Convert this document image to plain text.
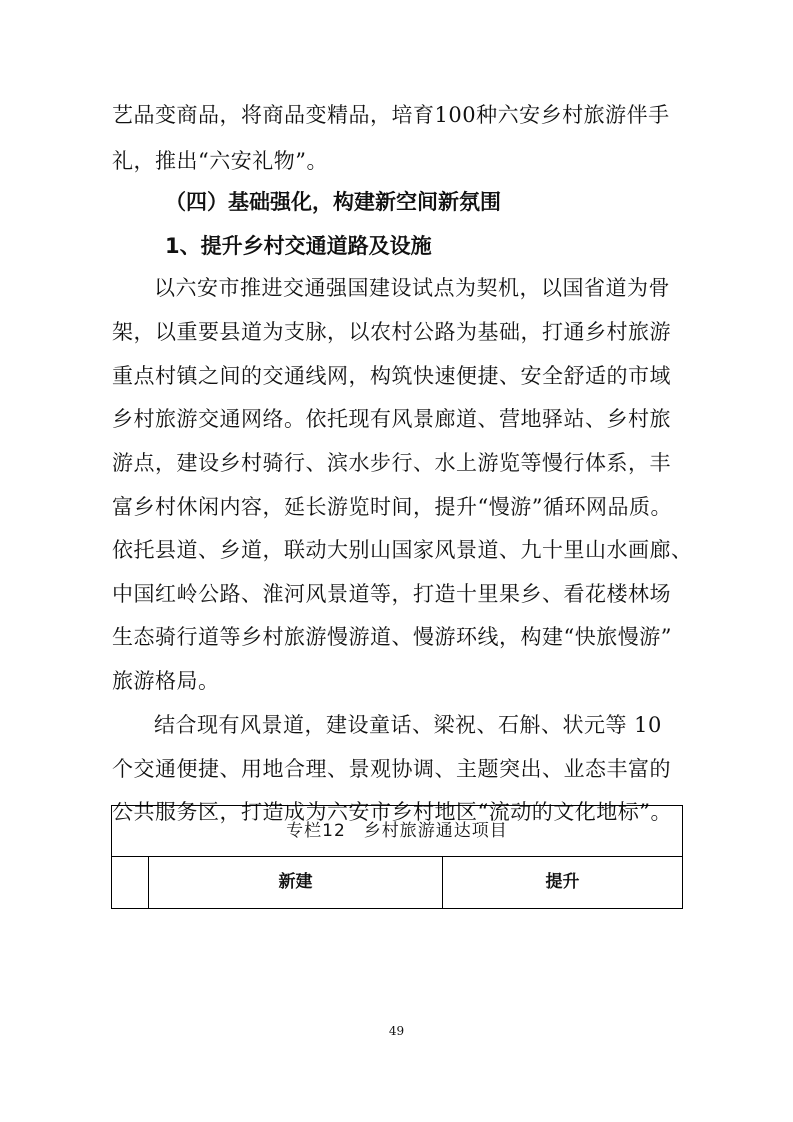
艺品变商品，将商品变精品，培育100种六安乡村旅游伴手
礼，推出“六安礼物”。
（四）基础强化，构建新空间新氛围
1、提升乡村交通道路及设施
以六安市推进交通强国建设试点为契机，以国省道为骨
架，以重要县道为支脉，以农村公路为基础，打通乡村旅游
重点村镇之间的交通线网，构筑快速便捷、安全舒适的市域
乡村旅游交通网络。依托现有风景廊道、营地驿站、乡村旅
游点，建设乡村骑行、滨水步行、水上游览等慢行体系，丰
富乡村休闲内容，延长游览时间，提升“慢游”循环网品质。
依托县道、乡道，联动大别山国家风景道、九十里山水画廊、
中国红岭公路、淮河风景道等，打造十里果乡、看花楼林场
生态骑行道等乡村旅游慢游道、慢游环线，构建“快旅慢游”
旅游格局。
结合现有风景道，建设童话、梁祝、石斛、状元等 10
个交通便捷、用地合理、景观协调、主题突出、业态丰富的
公共服务区，打造成为六安市乡村地区“流动的文化地标”。
专栏12　乡村旅游通达项目
新建	提升
49
